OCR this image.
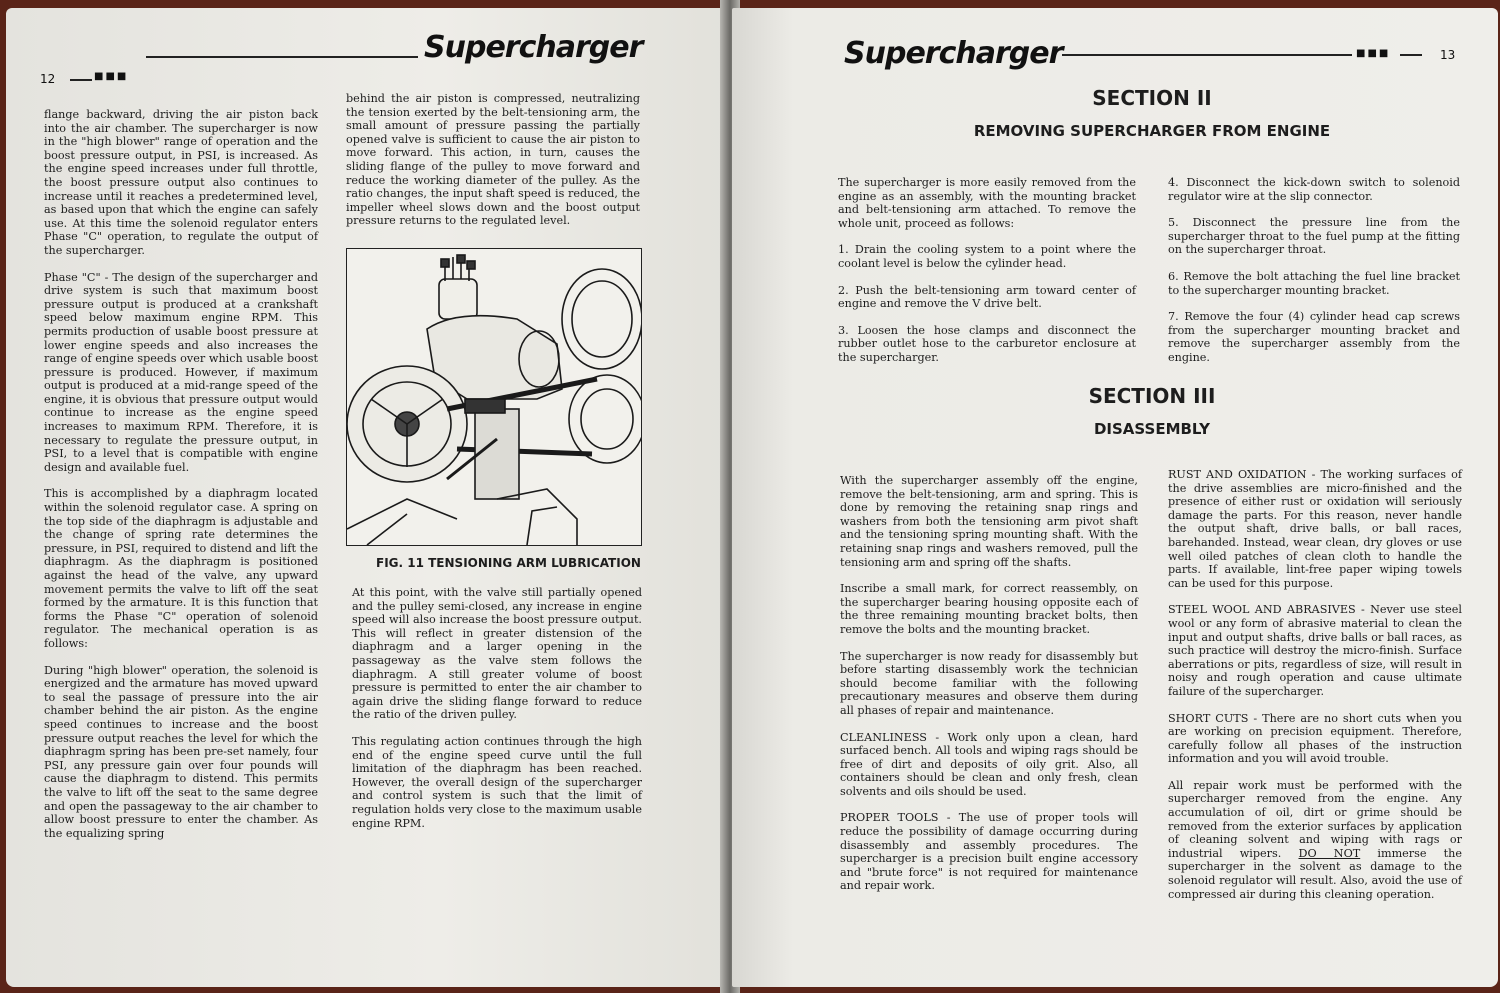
Supercharger
12	■■■

flange backward, driving the air piston back into the air chamber. The supercharger is now in the "high blower" range of operation and the boost pressure output, in PSI, is increased. As the engine speed increases under full throttle, the boost pressure output also continues to increase until it reaches a predetermined level, as based upon that which the engine can safely use. At this time the solenoid regulator enters Phase "C" operation, to regulate the output of the supercharger.

Phase "C" - The design of the supercharger and drive system is such that maximum boost pressure output is produced at a crankshaft speed below maximum engine RPM. This permits production of usable boost pressure at lower engine speeds and also increases the range of engine speeds over which usable boost pressure is produced. However, if maximum output is produced at a mid-range speed of the engine, it is obvious that pressure output would continue to increase as the engine speed increases to maximum RPM. Therefore, it is necessary to regulate the pressure output, in PSI, to a level that is compatible with engine design and available fuel.

This is accomplished by a diaphragm located within the solenoid regulator case. A spring on the top side of the diaphragm is adjustable and the change of spring rate determines the pressure, in PSI, required to distend and lift the diaphragm. As the diaphragm is positioned against the head of the valve, any upward movement permits the valve to lift off the seat formed by the armature. It is this function that forms the Phase "C" operation of solenoid regulator. The mechanical operation is as follows:

During "high blower" operation, the solenoid is energized and the armature has moved upward to seal the passage of pressure into the air chamber behind the air piston. As the engine speed continues to increase and the boost pressure output reaches the level for which the diaphragm spring has been pre-set namely, four PSI, any pressure gain over four pounds will cause the diaphragm to distend. This permits the valve to lift off the seat to the same degree and open the passageway to the air chamber to allow boost pressure to enter the chamber. As the equalizing spring

behind the air piston is compressed, neutralizing the tension exerted by the belt-tensioning arm, the small amount of pressure passing the partially opened valve is sufficient to cause the air piston to move forward. This action, in turn, causes the sliding flange of the pulley to move forward and reduce the working diameter of the pulley. As the ratio changes, the input shaft speed is reduced, the impeller wheel slows down and the boost output pressure returns to the regulated level.

FIG. 11 TENSIONING ARM LUBRICATION

At this point, with the valve still partially opened and the pulley semi-closed, any increase in engine speed will also increase the boost pressure output. This will reflect in greater distension of the diaphragm and a larger opening in the passageway as the valve stem follows the diaphragm. A still greater volume of boost pressure is permitted to enter the air chamber to again drive the sliding flange forward to reduce the ratio of the driven pulley.

This regulating action continues through the high end of the engine speed curve until the full limitation of the diaphragm has been reached. However, the overall design of the supercharger and control system is such that the limit of regulation holds very close to the maximum usable engine RPM.

Supercharger	■■■	13
SECTION II
REMOVING SUPERCHARGER FROM ENGINE

The supercharger is more easily removed from the engine as an assembly, with the mounting bracket and belt-tensioning arm attached. To remove the whole unit, proceed as follows:

1. Drain the cooling system to a point where the coolant level is below the cylinder head.

2. Push the belt-tensioning arm toward center of engine and remove the V drive belt.

3. Loosen the hose clamps and disconnect the rubber outlet hose to the carburetor enclosure at the supercharger.

4. Disconnect the kick-down switch to solenoid regulator wire at the slip connector.

5. Disconnect the pressure line from the supercharger throat to the fuel pump at the fitting on the supercharger throat.

6. Remove the bolt attaching the fuel line bracket to the supercharger mounting bracket.

7. Remove the four (4) cylinder head cap screws from the supercharger mounting bracket and remove the supercharger assembly from the engine.

SECTION III
DISASSEMBLY

With the supercharger assembly off the engine, remove the belt-tensioning, arm and spring. This is done by removing the retaining snap rings and washers from both the tensioning arm pivot shaft and the tensioning spring mounting shaft. With the retaining snap rings and washers removed, pull the tensioning arm and spring off the shafts.

Inscribe a small mark, for correct reassembly, on the supercharger bearing housing opposite each of the three remaining mounting bracket bolts, then remove the bolts and the mounting bracket.

The supercharger is now ready for disassembly but before starting disassembly work the technician should become familiar with the following precautionary measures and observe them during all phases of repair and maintenance.

CLEANLINESS - Work only upon a clean, hard surfaced bench. All tools and wiping rags should be free of dirt and deposits of oily grit. Also, all containers should be clean and only fresh, clean solvents and oils should be used.

PROPER TOOLS - The use of proper tools will reduce the possibility of damage occurring during disassembly and assembly procedures. The supercharger is a precision built engine accessory and "brute force" is not required for maintenance and repair work.

RUST AND OXIDATION - The working surfaces of the drive assemblies are micro-finished and the presence of either rust or oxidation will seriously damage the parts. For this reason, never handle the output shaft, drive balls, or ball races, barehanded. Instead, wear clean, dry gloves or use well oiled patches of clean cloth to handle the parts. If available, lint-free paper wiping towels can be used for this purpose.

STEEL WOOL AND ABRASIVES - Never use steel wool or any form of abrasive material to clean the input and output shafts, drive balls or ball races, as such practice will destroy the micro-finish. Surface aberrations or pits, regardless of size, will result in noisy and rough operation and cause ultimate failure of the supercharger.

SHORT CUTS - There are no short cuts when you are working on precision equipment. Therefore, carefully follow all phases of the instruction information and you will avoid trouble.

All repair work must be performed with the supercharger removed from the engine. Any accumulation of oil, dirt or grime should be removed from the exterior surfaces by application of cleaning solvent and wiping with rags or industrial wipers. DO NOT immerse the supercharger in the solvent as damage to the solenoid regulator will result. Also, avoid the use of compressed air during this cleaning operation.
